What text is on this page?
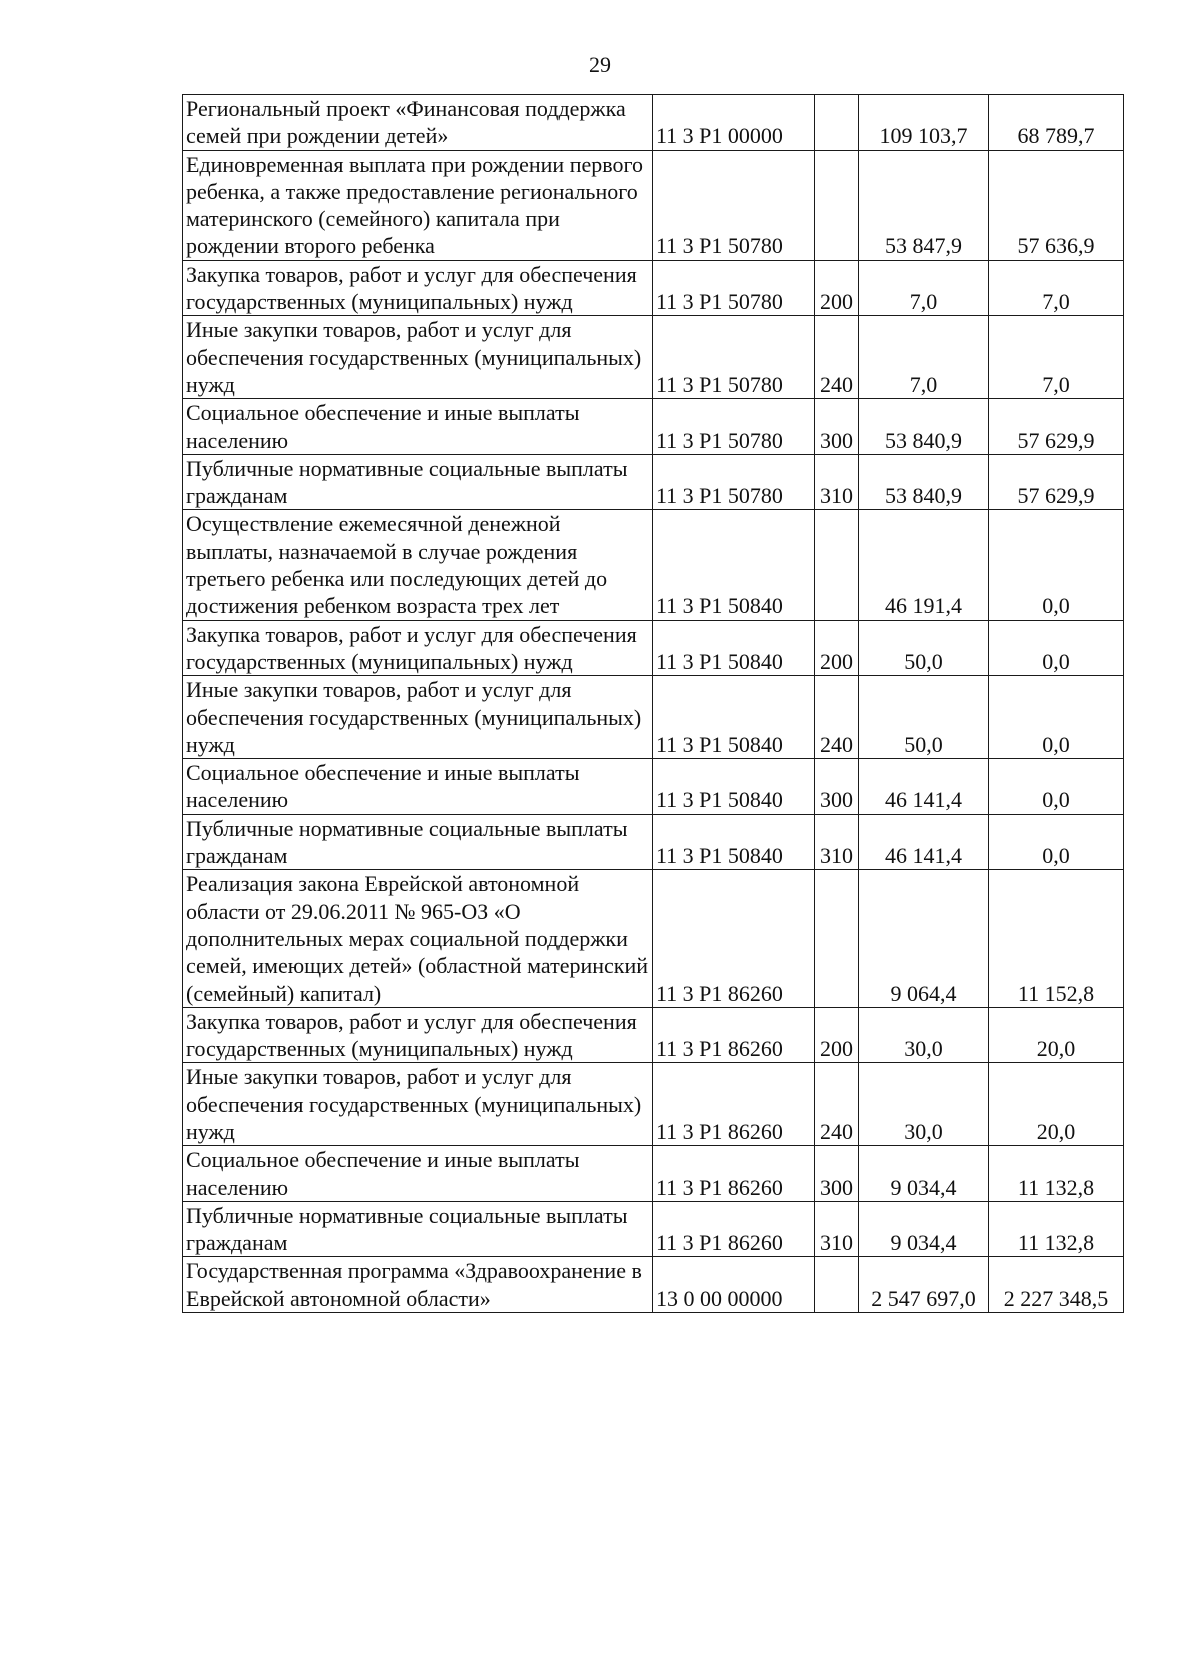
29
Региональный проект «Финансовая поддержка семей при рождении детей»	11 3 P1 00000		109 103,7	68 789,7
Единовременная выплата при рождении первого ребенка, а также предоставление регионального материнского (семейного) капитала при рождении второго ребенка	11 3 P1 50780		53 847,9	57 636,9
Закупка товаров, работ и услуг для обеспечения государственных (муниципальных) нужд	11 3 P1 50780	200	7,0	7,0
Иные закупки товаров, работ и услуг для обеспечения государственных (муниципальных) нужд	11 3 P1 50780	240	7,0	7,0
Социальное обеспечение и иные выплаты населению	11 3 P1 50780	300	53 840,9	57 629,9
Публичные нормативные социальные выплаты гражданам	11 3 P1 50780	310	53 840,9	57 629,9
Осуществление ежемесячной денежной выплаты, назначаемой в случае рождения третьего ребенка или последующих детей до достижения ребенком возраста трех лет	11 3 P1 50840		46 191,4	0,0
Закупка товаров, работ и услуг для обеспечения государственных (муниципальных) нужд	11 3 P1 50840	200	50,0	0,0
Иные закупки товаров, работ и услуг для обеспечения государственных (муниципальных) нужд	11 3 P1 50840	240	50,0	0,0
Социальное обеспечение и иные выплаты населению	11 3 P1 50840	300	46 141,4	0,0
Публичные нормативные социальные выплаты гражданам	11 3 P1 50840	310	46 141,4	0,0
Реализация закона Еврейской автономной области от 29.06.2011 № 965-ОЗ «О дополнительных мерах социальной поддержки семей, имеющих детей» (областной материнский (семейный) капитал)	11 3 P1 86260		9 064,4	11 152,8
Закупка товаров, работ и услуг для обеспечения государственных (муниципальных) нужд	11 3 P1 86260	200	30,0	20,0
Иные закупки товаров, работ и услуг для обеспечения государственных (муниципальных) нужд	11 3 P1 86260	240	30,0	20,0
Социальное обеспечение и иные выплаты населению	11 3 P1 86260	300	9 034,4	11 132,8
Публичные нормативные социальные выплаты гражданам	11 3 P1 86260	310	9 034,4	11 132,8
Государственная программа «Здравоохранение в Еврейской автономной области»	13 0 00 00000		2 547 697,0	2 227 348,5
